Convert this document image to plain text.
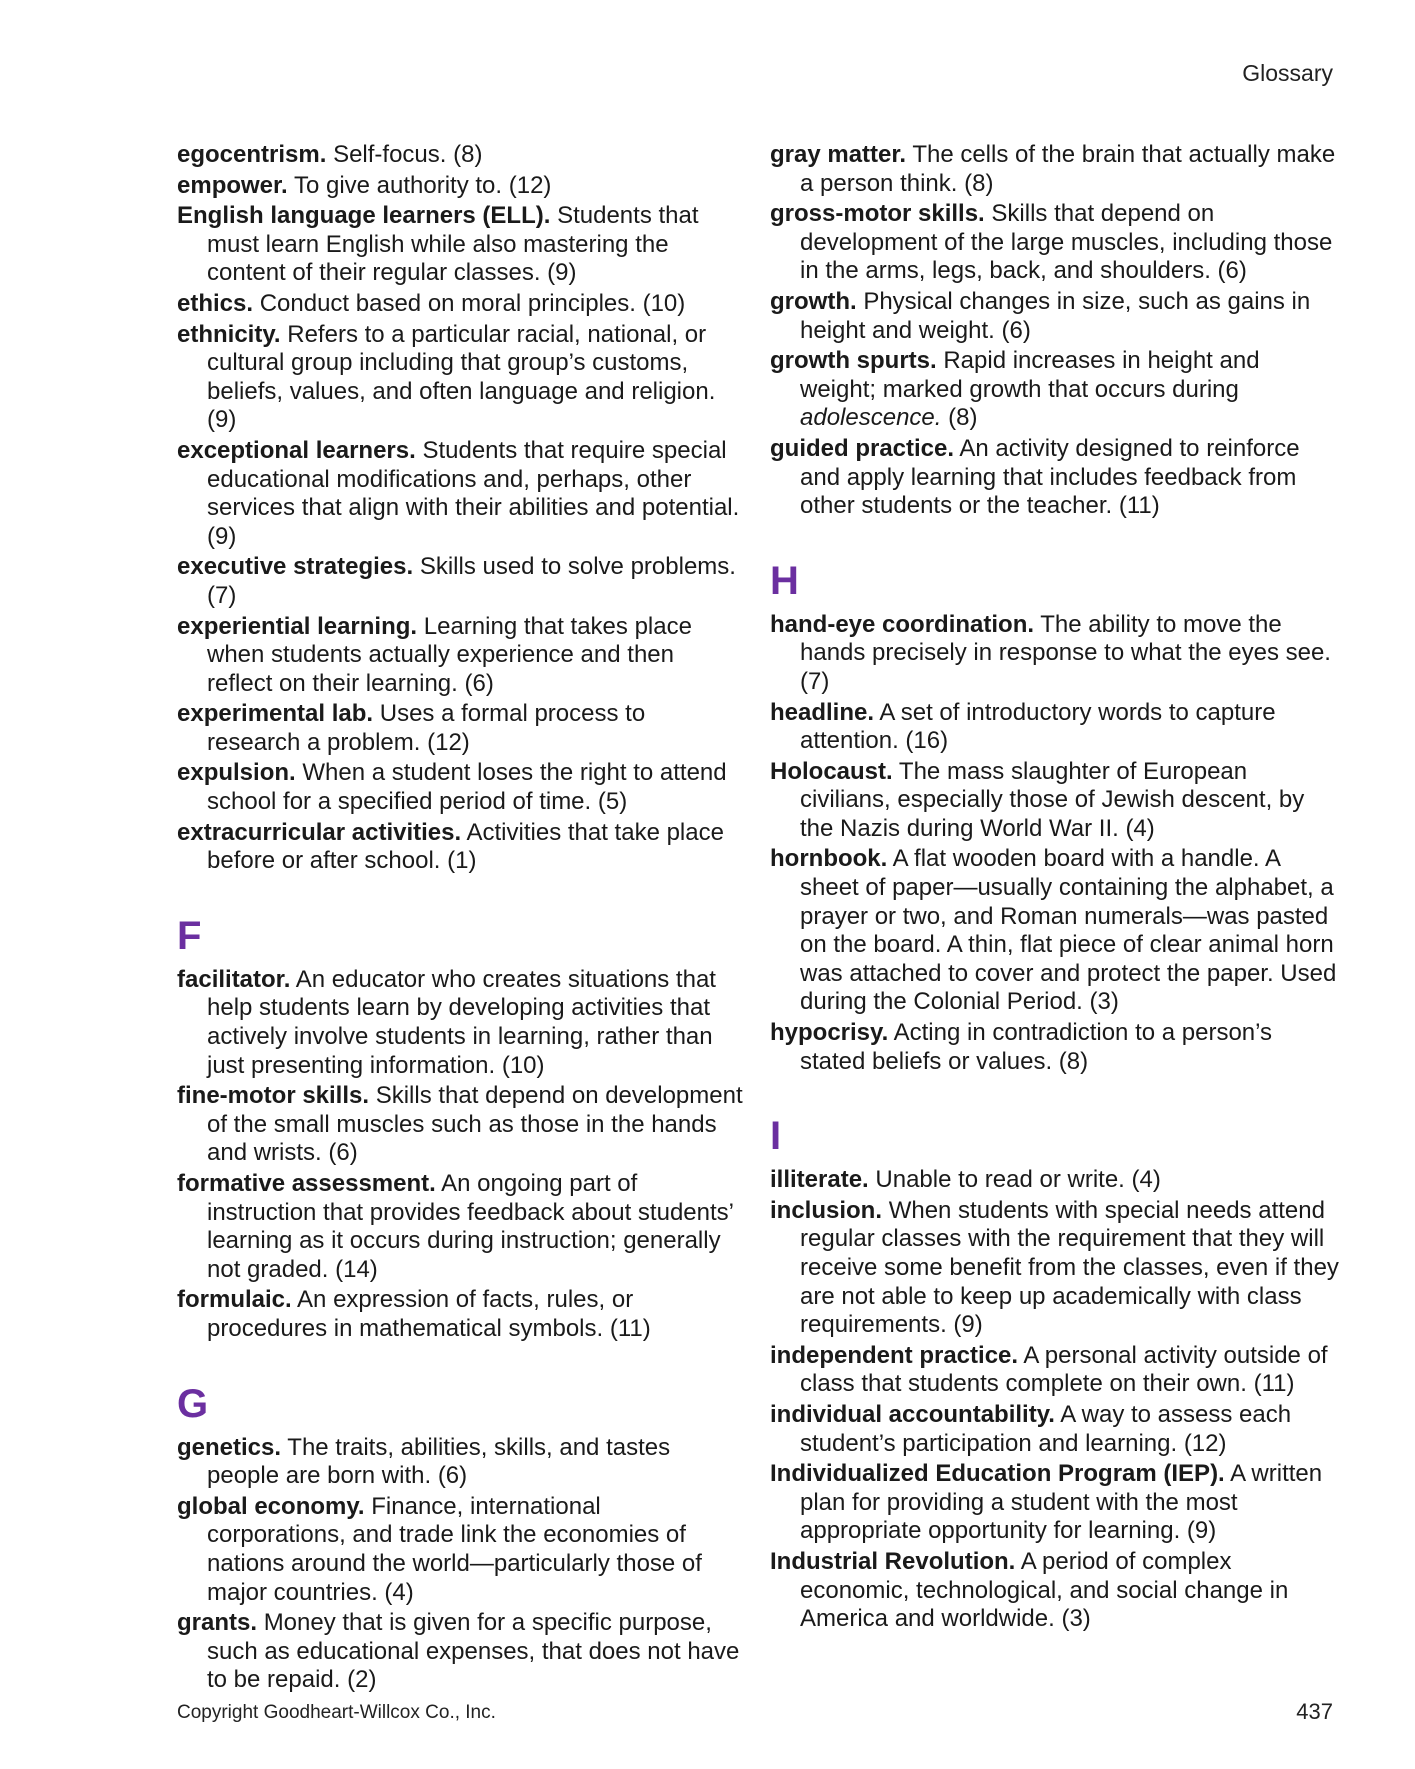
Glossary

egocentrism. Self-focus. (8)

empower. To give authority to. (12)

English language learners (ELL). Students that must learn English while also mastering the content of their regular classes. (9)

ethics. Conduct based on moral principles. (10)

ethnicity. Refers to a particular racial, national, or cultural group including that group’s customs, beliefs, values, and often language and religion. (9)

exceptional learners. Students that require special educational modifications and, perhaps, other services that align with their abilities and potential. (9)

executive strategies. Skills used to solve problems. (7)

experiential learning. Learning that takes place when students actually experience and then reflect on their learning. (6)

experimental lab. Uses a formal process to research a problem. (12)

expulsion. When a student loses the right to attend school for a specified period of time. (5)

extracurricular activities. Activities that take place before or after school. (1)

F

facilitator. An educator who creates situations that help students learn by developing activities that actively involve students in learning, rather than just presenting information. (10)

fine-motor skills. Skills that depend on development of the small muscles such as those in the hands and wrists. (6)

formative assessment. An ongoing part of instruction that provides feedback about students’ learning as it occurs during instruction; generally not graded. (14)

formulaic. An expression of facts, rules, or procedures in mathematical symbols. (11)

G

genetics. The traits, abilities, skills, and tastes people are born with. (6)

global economy. Finance, international corporations, and trade link the economies of nations around the world—particularly those of major countries. (4)

grants. Money that is given for a specific purpose, such as educational expenses, that does not have to be repaid. (2)

gray matter. The cells of the brain that actually make a person think. (8)

gross-motor skills. Skills that depend on development of the large muscles, including those in the arms, legs, back, and shoulders. (6)

growth. Physical changes in size, such as gains in height and weight. (6)

growth spurts. Rapid increases in height and weight; marked growth that occurs during adolescence. (8)

guided practice. An activity designed to reinforce and apply learning that includes feedback from other students or the teacher. (11)

H

hand-eye coordination. The ability to move the hands precisely in response to what the eyes see. (7)

headline. A set of introductory words to capture attention. (16)

Holocaust. The mass slaughter of European civilians, especially those of Jewish descent, by the Nazis during World War II. (4)

hornbook. A flat wooden board with a handle. A sheet of paper—usually containing the alphabet, a prayer or two, and Roman numerals—was pasted on the board. A thin, flat piece of clear animal horn was attached to cover and protect the paper. Used during the Colonial Period. (3)

hypocrisy. Acting in contradiction to a person’s stated beliefs or values. (8)

I

illiterate. Unable to read or write. (4)

inclusion. When students with special needs attend regular classes with the requirement that they will receive some benefit from the classes, even if they are not able to keep up academically with class requirements. (9)

independent practice. A personal activity outside of class that students complete on their own. (11)

individual accountability. A way to assess each student’s participation and learning. (12)

Individualized Education Program (IEP). A written plan for providing a student with the most appropriate opportunity for learning. (9)

Industrial Revolution. A period of complex economic, technological, and social change in America and worldwide. (3)

Copyright Goodheart-Willcox Co., Inc.	437
